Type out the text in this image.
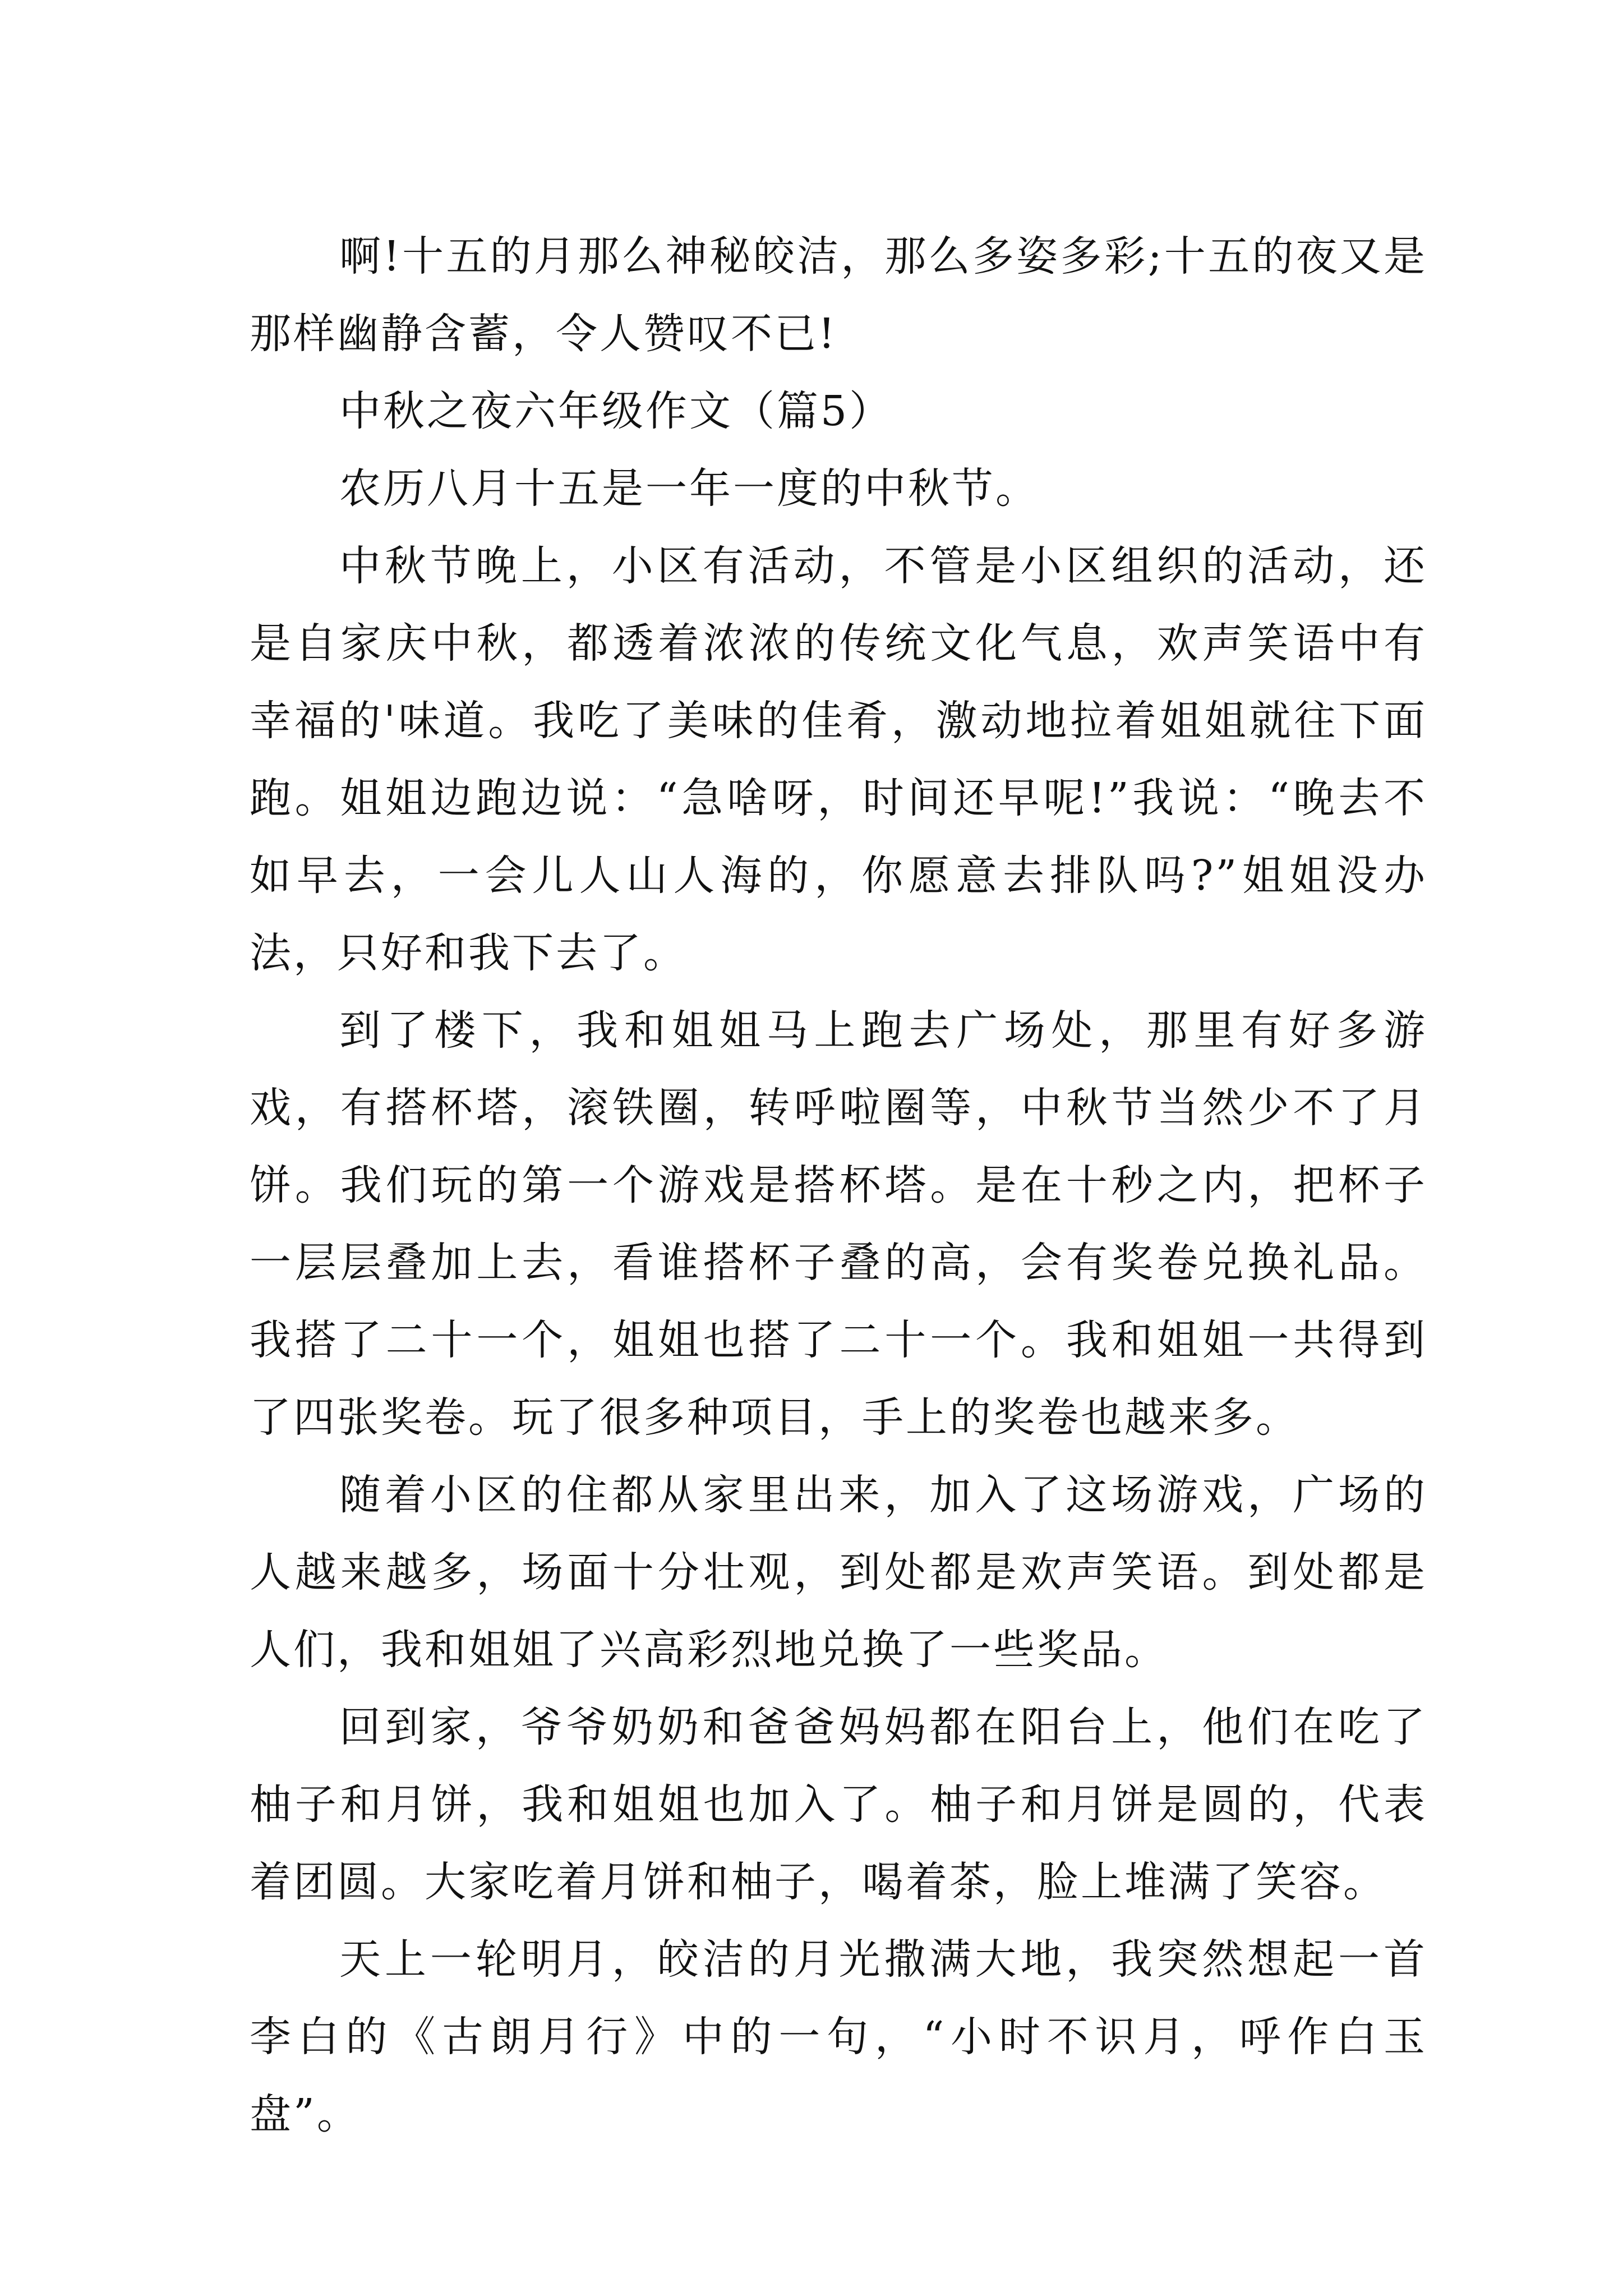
啊!十五的月那么神秘皎洁，那么多姿多彩;十五的夜又是那样幽静含蓄，令人赞叹不已!

中秋之夜六年级作文（篇5）

农历八月十五是一年一度的中秋节。

中秋节晚上，小区有活动，不管是小区组织的活动，还是自家庆中秋，都透着浓浓的传统文化气息，欢声笑语中有幸福的'味道。我吃了美味的佳肴，激动地拉着姐姐就往下面跑。姐姐边跑边说：“急啥呀，时间还早呢!”我说：“晚去不如早去，一会儿人山人海的，你愿意去排队吗?”姐姐没办法，只好和我下去了。

到了楼下，我和姐姐马上跑去广场处，那里有好多游戏，有搭杯塔，滚铁圈，转呼啦圈等，中秋节当然少不了月饼。我们玩的第一个游戏是搭杯塔。是在十秒之内，把杯子一层层叠加上去，看谁搭杯子叠的高，会有奖卷兑换礼品。我搭了二十一个，姐姐也搭了二十一个。我和姐姐一共得到了四张奖卷。玩了很多种项目，手上的奖卷也越来多。

随着小区的住都从家里出来，加入了这场游戏，广场的人越来越多，场面十分壮观，到处都是欢声笑语。到处都是人们，我和姐姐了兴高彩烈地兑换了一些奖品。

回到家，爷爷奶奶和爸爸妈妈都在阳台上，他们在吃了柚子和月饼，我和姐姐也加入了。柚子和月饼是圆的，代表着团圆。大家吃着月饼和柚子，喝着茶，脸上堆满了笑容。

天上一轮明月，皎洁的月光撒满大地，我突然想起一首李白的《古朗月行》中的一句，“小时不识月，呼作白玉盘”。
